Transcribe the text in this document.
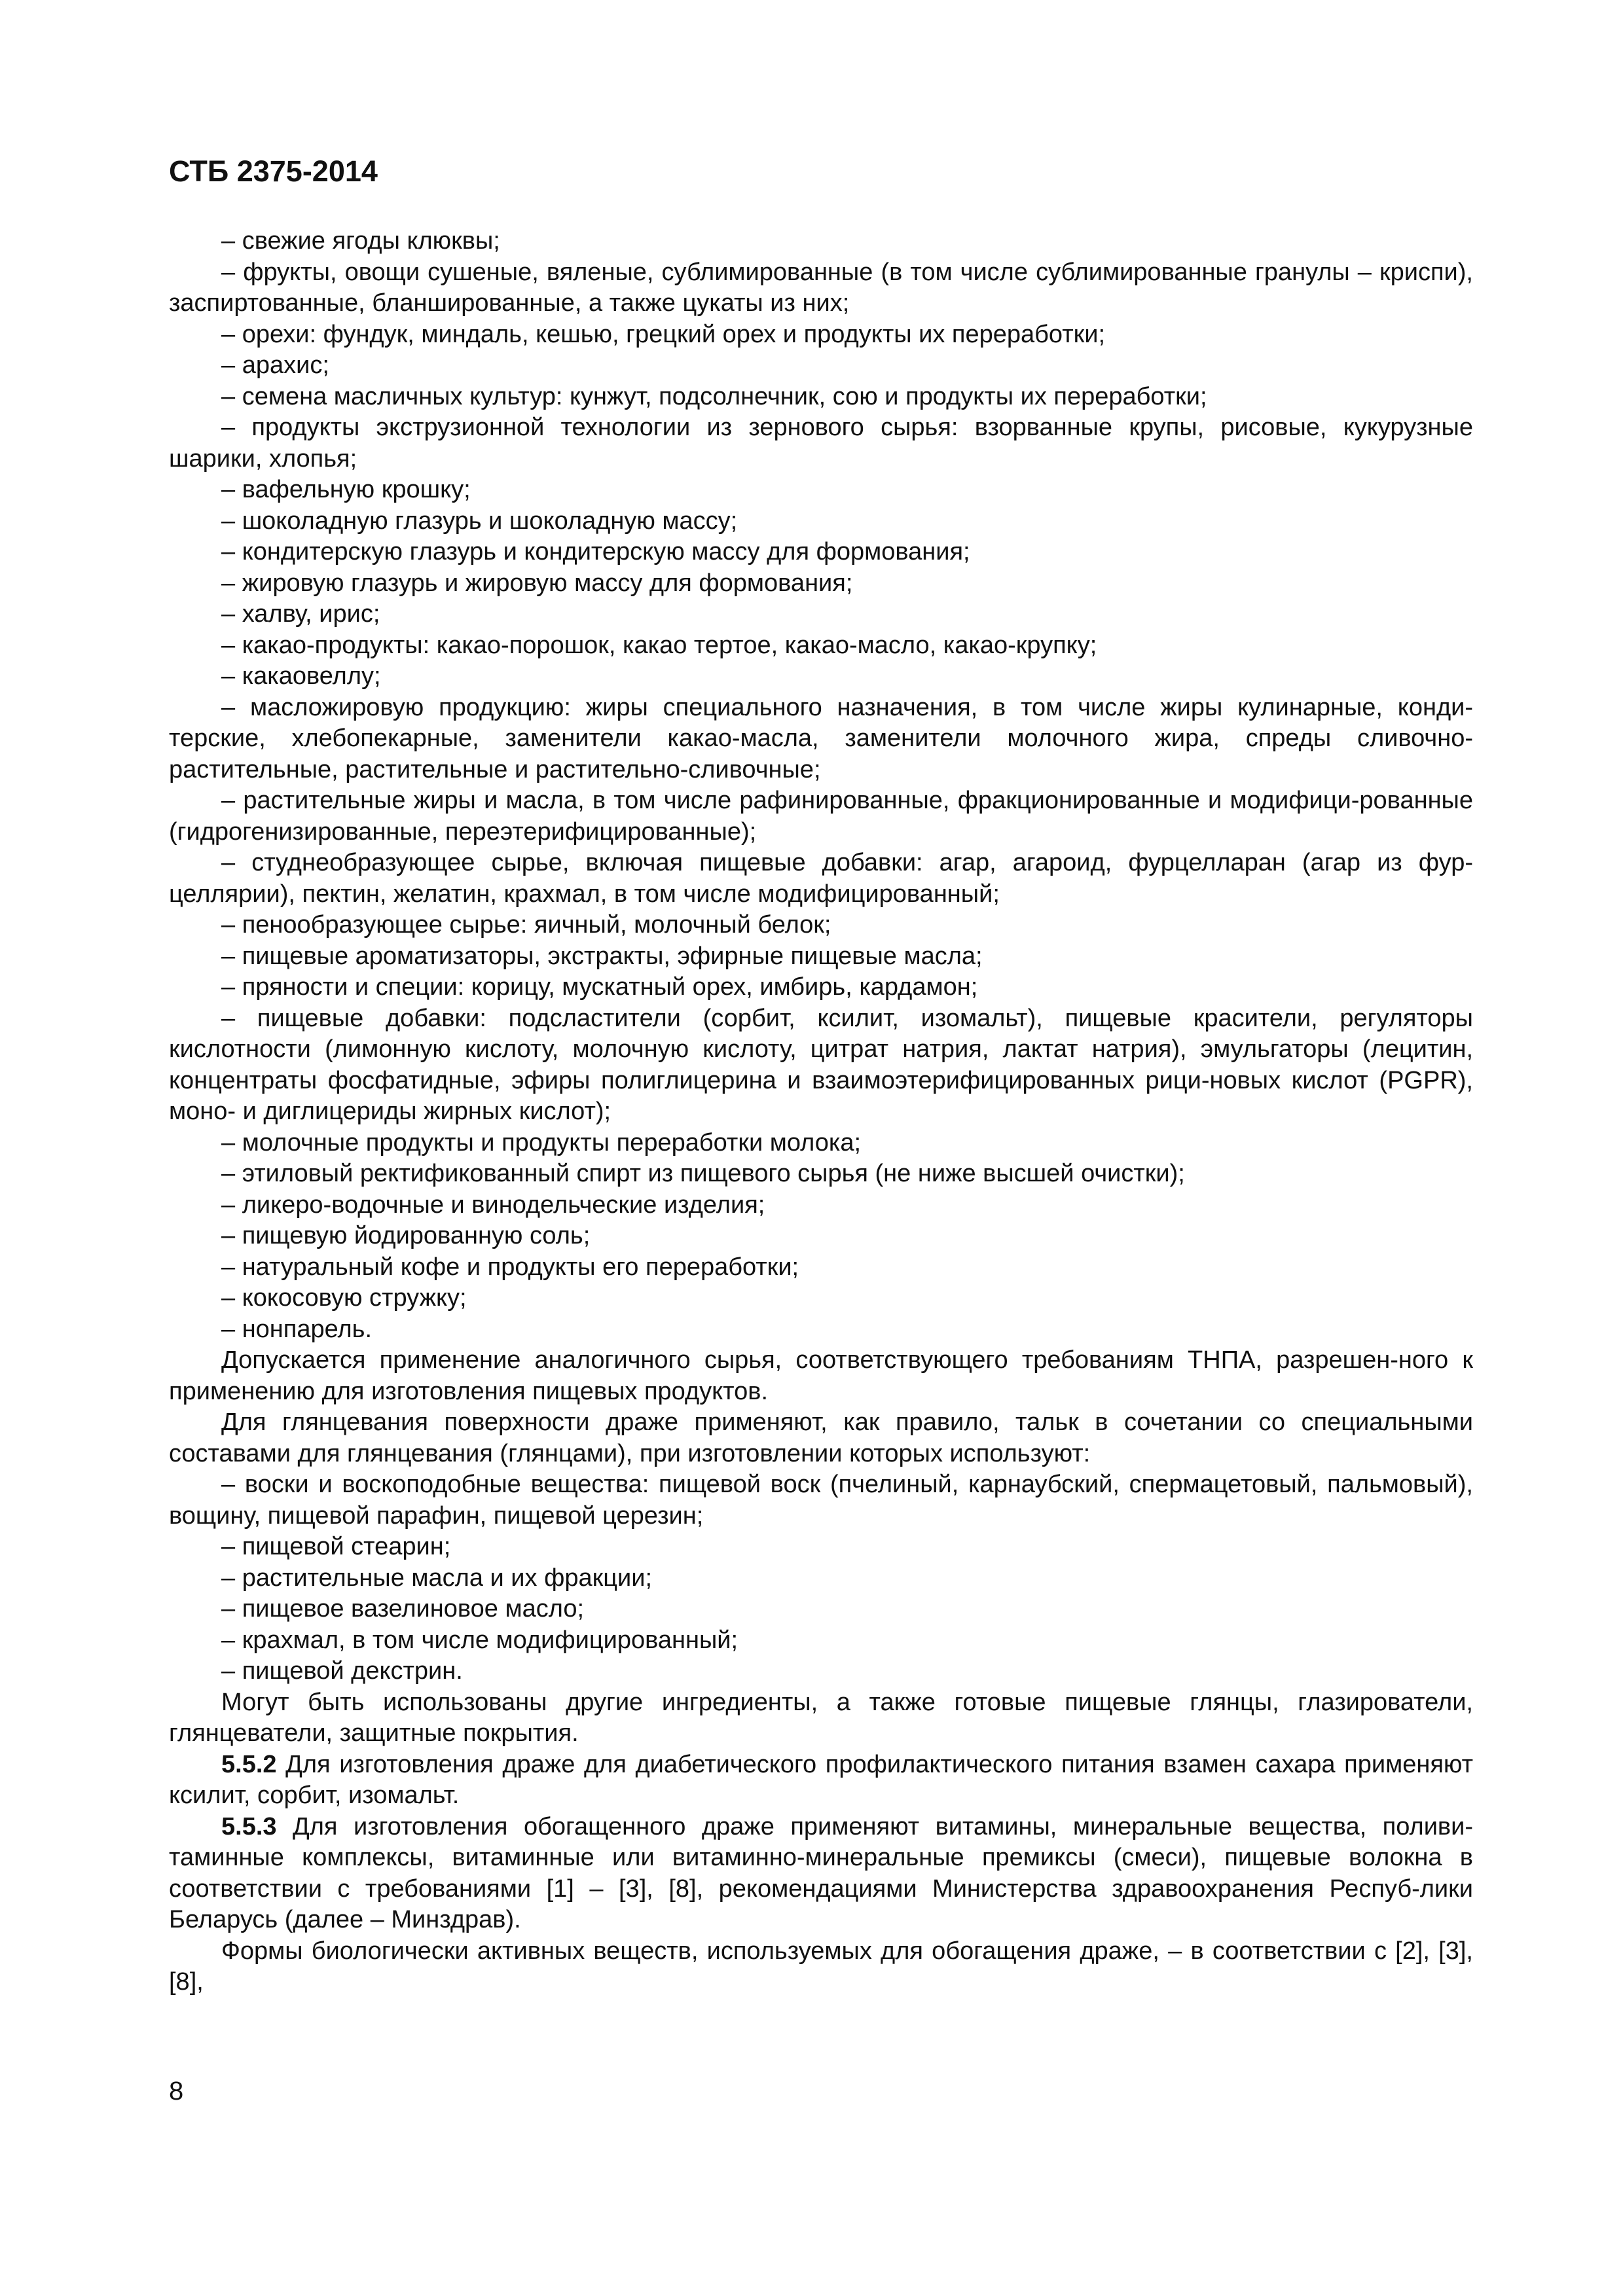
СТБ 2375-2014

– свежие ягоды клюквы;

– фрукты, овощи сушеные, вяленые, сублимированные (в том числе сублимированные гранулы – криспи), заспиртованные, бланшированные, а также цукаты из них;

– орехи: фундук, миндаль, кешью, грецкий орех и продукты их переработки;

– арахис;

– семена масличных культур: кунжут, подсолнечник, сою и продукты их переработки;

– продукты экструзионной технологии из зернового сырья: взорванные крупы, рисовые, кукурузные шарики, хлопья;

– вафельную крошку;

– шоколадную глазурь и шоколадную массу;

– кондитерскую глазурь и кондитерскую массу для формования;

– жировую глазурь и жировую массу для формования;

– халву, ирис;

– какао-продукты: какао-порошок, какао тертое, какао-масло, какао-крупку;

– какаовеллу;

– масложировую продукцию: жиры специального назначения, в том числе жиры кулинарные, конди-терские, хлебопекарные, заменители какао-масла, заменители молочного жира, спреды сливочно-растительные, растительные и растительно-сливочные;

– растительные жиры и масла, в том числе рафинированные, фракционированные и модифици-рованные (гидрогенизированные, переэтерифицированные);

– студнеобразующее сырье, включая пищевые добавки: агар, агароид, фурцелларан (агар из фур-целлярии), пектин, желатин, крахмал, в том числе модифицированный;

– пенообразующее сырье: яичный, молочный белок;

– пищевые ароматизаторы, экстракты, эфирные пищевые масла;

– пряности и специи: корицу, мускатный орех, имбирь, кардамон;

– пищевые добавки: подсластители (сорбит, ксилит, изомальт), пищевые красители, регуляторы кислотности (лимонную кислоту, молочную кислоту, цитрат натрия, лактат натрия), эмульгаторы (лецитин, концентраты фосфатидные, эфиры полиглицерина и взаимоэтерифицированных рици-новых кислот (PGPR), моно- и диглицериды жирных кислот);

– молочные продукты и продукты переработки молока;

– этиловый ректификованный спирт из пищевого сырья (не ниже высшей очистки);

– ликеро-водочные и винодельческие изделия;

– пищевую йодированную соль;

– натуральный кофе и продукты его переработки;

– кокосовую стружку;

– нонпарель.

Допускается применение аналогичного сырья, соответствующего требованиям ТНПА, разрешен-ного к применению для изготовления пищевых продуктов.

Для глянцевания поверхности драже применяют, как правило, тальк в сочетании со специальными составами для глянцевания (глянцами), при изготовлении которых используют:

– воски и воскоподобные вещества: пищевой воск (пчелиный, карнаубский, спермацетовый, пальмовый), вощину, пищевой парафин, пищевой церезин;

– пищевой стеарин;

– растительные масла и их фракции;

– пищевое вазелиновое масло;

– крахмал, в том числе модифицированный;

– пищевой декстрин.

Могут быть использованы другие ингредиенты, а также готовые пищевые глянцы, глазирователи, глянцеватели, защитные покрытия.

5.5.2 Для изготовления драже для диабетического профилактического питания взамен сахара применяют ксилит, сорбит, изомальт.

5.5.3 Для изготовления обогащенного драже применяют витамины, минеральные вещества, поливи-таминные комплексы, витаминные или витаминно-минеральные премиксы (смеси), пищевые волокна в соответствии с требованиями [1] – [3], [8], рекомендациями Министерства здравоохранения Респуб-лики Беларусь (далее – Минздрав).

Формы биологически активных веществ, используемых для обогащения драже, – в соответствии с [2], [3], [8],

8
